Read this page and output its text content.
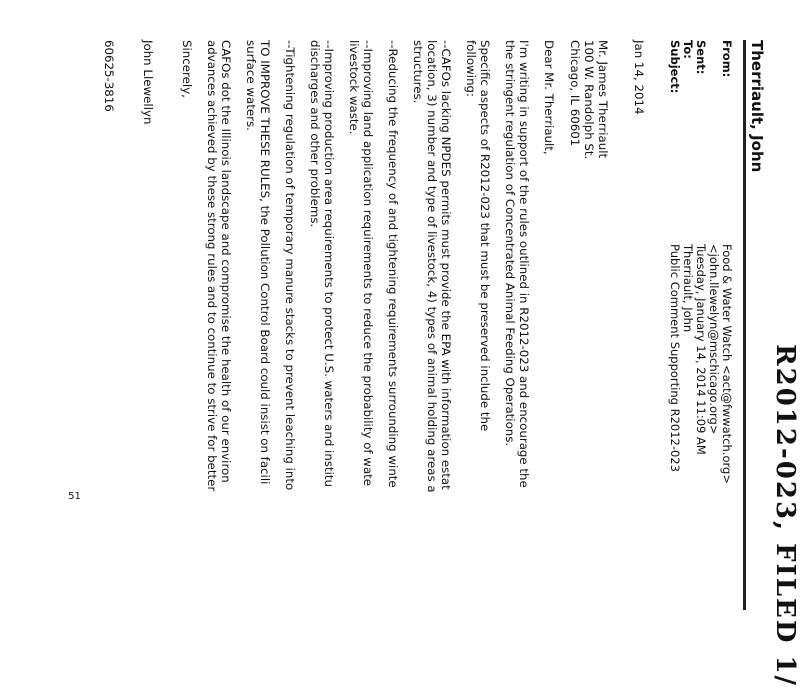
R2012-023, FILED 1/
Therriault, John
From:
Food & Water Watch <act@fwwatch.org>
<john.llewelyn@mschicago.org>
Sent:
Tuesday, January 14, 2014 11:09 AM
To:
Therriault, John
Subject:
Public Comment Supporting R2012-023
Jan 14, 2014
Mr. James Therriault
100 W. Randolph St.
Chicago, IL 60601
Dear Mr. Therriault,
I'm writing in support of the rules outlined in R2012-023 and encourage the
the stringent regulation of Concentrated Animal Feeding Operations.
Specific aspects of R2012-023 that must be preserved include the
following:
--CAFOs lacking NPDES permits must provide the EPA with information estat
location, 3) number and type of livestock, 4) types of animal holding areas a
structures.
--Reducing the frequency of and tightening requirements surrounding winte
--Improving land application requirements to reduce the probability of wate
livestock waste.
--Improving production area requirements to protect U.S. waters and institu
discharges and other problems.
--Tightening regulation of temporary manure stacks to prevent leaching into
TO IMPROVE THESE RULES, the Pollution Control Board could insist on facili
surface waters.
CAFOs dot the Illinois landscape and compromise the health of our environ
advances achieved by these strong rules and to continue to strive for better
Sincerely,
John Llewellyn
60625-3816
51
